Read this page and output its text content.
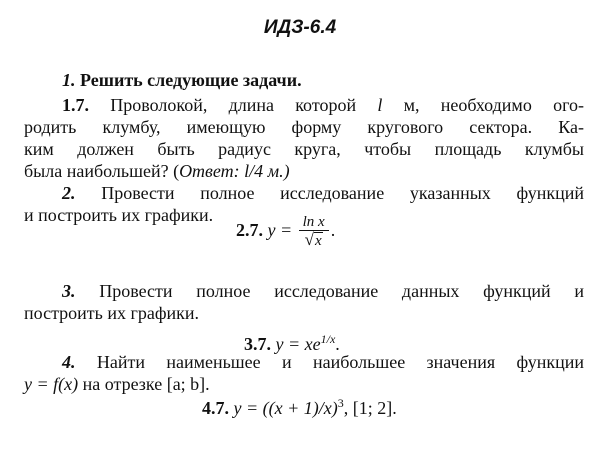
ИДЗ-6.4
1. Решить следующие задачи.
1.7. Проволокой, длина которой l м, необходимо ого-
родить клумбу, имеющую форму кругового сектора. Ка-
ким должен быть радиус круга, чтобы площадь клумбы
была наибольшей? (Ответ: l/4 м.)
2. Провести полное исследование указанных функций
и построить их графики.
2.7. $y = \frac{\text{ln x}}{√x}$ .
3. Провести полное исследование данных функций и
построить их графики.
3.7. $y = xe^{1/x}$.
4. Найти наименьшее и наибольшее значения функции
y = f(x) на отрезке [a; b].
4.7. $y = ((x + 1)/x)^3$, [1; 2].
